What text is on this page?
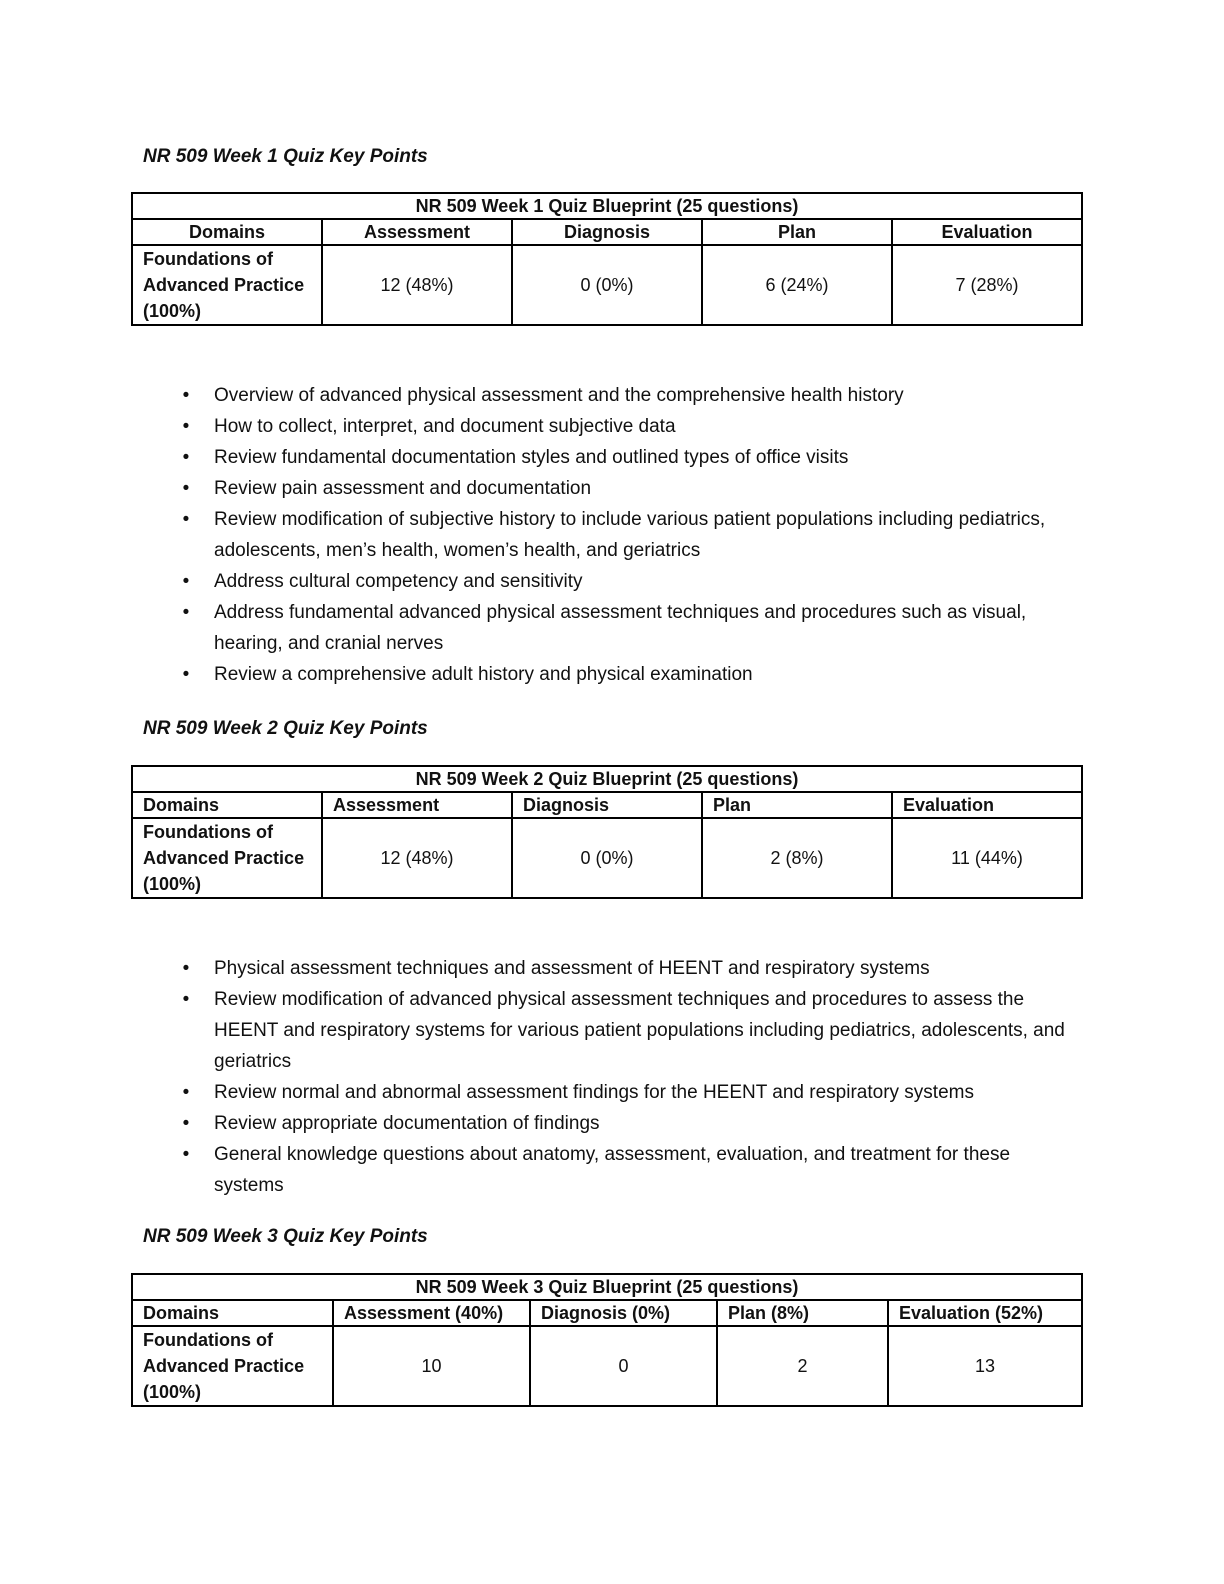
NR 509 Week 1 Quiz Key Points
NR 509 Week 1 Quiz Blueprint (25 questions)				
Domains	Assessment	Diagnosis	Plan	Evaluation
Foundations of Advanced Practice (100%)	12 (48%)	0 (0%)	6 (24%)	7 (28%)
• Overview of advanced physical assessment and the comprehensive health history
• How to collect, interpret, and document subjective data
• Review fundamental documentation styles and outlined types of office visits
• Review pain assessment and documentation
• Review modification of subjective history to include various patient populations including pediatrics, adolescents, men’s health, women’s health, and geriatrics
• Address cultural competency and sensitivity
• Address fundamental advanced physical assessment techniques and procedures such as visual, hearing, and cranial nerves
• Review a comprehensive adult history and physical examination
NR 509 Week 2 Quiz Key Points
NR 509 Week 2 Quiz Blueprint (25 questions)				
Domains	Assessment	Diagnosis	Plan	Evaluation
Foundations of Advanced Practice (100%)	12 (48%)	0 (0%)	2 (8%)	11 (44%)
• Physical assessment techniques and assessment of HEENT and respiratory systems
• Review modification of advanced physical assessment techniques and procedures to assess the HEENT and respiratory systems for various patient populations including pediatrics, adolescents, and geriatrics
• Review normal and abnormal assessment findings for the HEENT and respiratory systems
• Review appropriate documentation of findings
• General knowledge questions about anatomy, assessment, evaluation, and treatment for these systems
NR 509 Week 3 Quiz Key Points
NR 509 Week 3 Quiz Blueprint (25 questions)				
Domains	Assessment (40%)	Diagnosis (0%)	Plan (8%)	Evaluation (52%)
Foundations of Advanced Practice (100%)	10	0	2	13
